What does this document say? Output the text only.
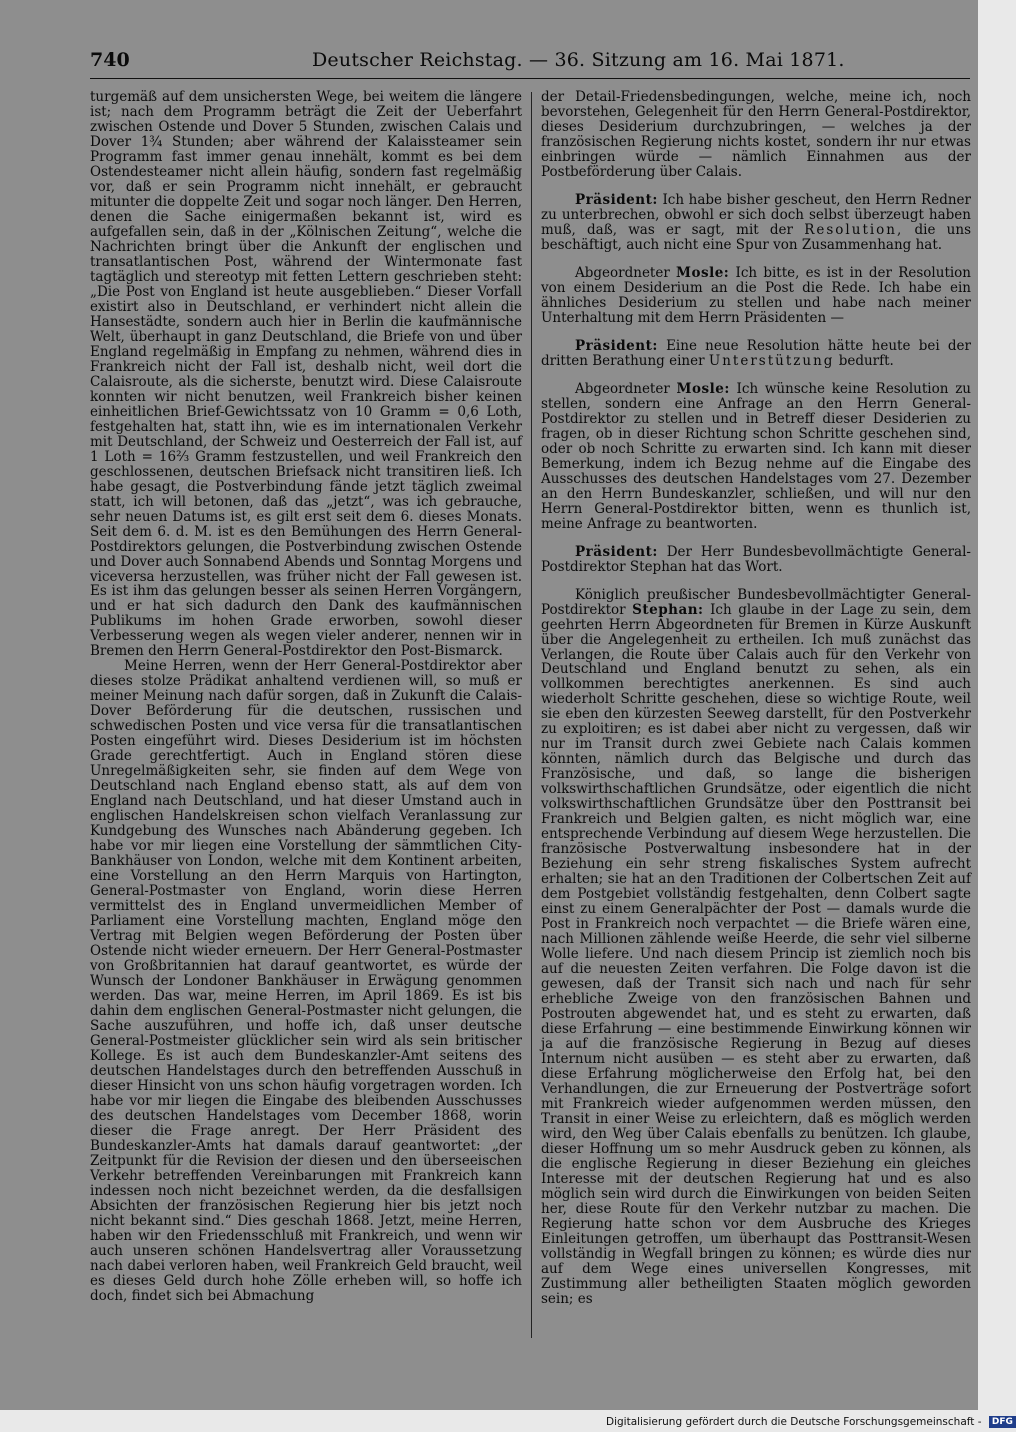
740	Deutscher Reichstag. — 36. Sitzung am 16. Mai 1871.

turgemäß auf dem unsichersten Wege, bei weitem die längere ist; nach dem Programm beträgt die Zeit der Ueberfahrt zwischen Ostende und Dover 5 Stunden, zwischen Calais und Dover 1¾ Stunden; aber während der Kalaissteamer sein Programm fast immer genau innehält, kommt es bei dem Ostendesteamer nicht allein häufig, sondern fast regelmäßig vor, daß er sein Programm nicht innehält, er gebraucht mitunter die doppelte Zeit und sogar noch länger. Den Herren, denen die Sache einigermaßen bekannt ist, wird es aufgefallen sein, daß in der „Kölnischen Zeitung“, welche die Nachrichten bringt über die Ankunft der englischen und transatlantischen Post, während der Wintermonate fast tagtäglich und stereotyp mit fetten Lettern geschrieben steht: „Die Post von England ist heute ausgeblieben.“ Dieser Vorfall existirt also in Deutschland, er verhindert nicht allein die Hansestädte, sondern auch hier in Berlin die kaufmännische Welt, überhaupt in ganz Deutschland, die Briefe von und über England regelmäßig in Empfang zu nehmen, während dies in Frankreich nicht der Fall ist, deshalb nicht, weil dort die Calaisroute, als die sicherste, benutzt wird. Diese Calaisroute konnten wir nicht benutzen, weil Frankreich bisher keinen einheitlichen Brief-Gewichtssatz von 10 Gramm = 0,6 Loth, festgehalten hat, statt ihn, wie es im internationalen Verkehr mit Deutschland, der Schweiz und Oesterreich der Fall ist, auf 1 Loth = 16⅔ Gramm festzustellen, und weil Frankreich den geschlossenen, deutschen Briefsack nicht transitiren ließ. Ich habe gesagt, die Postverbindung fände jetzt täglich zweimal statt, ich will betonen, daß das „jetzt“, was ich gebrauche, sehr neuen Datums ist, es gilt erst seit dem 6. dieses Monats. Seit dem 6. d. M. ist es den Bemühungen des Herrn General-Postdirektors gelungen, die Postverbindung zwischen Ostende und Dover auch Sonnabend Abends und Sonntag Morgens und viceversa herzustellen, was früher nicht der Fall gewesen ist. Es ist ihm das gelungen besser als seinen Herren Vorgängern, und er hat sich dadurch den Dank des kaufmännischen Publikums im hohen Grade erworben, sowohl dieser Verbesserung wegen als wegen vieler anderer, nennen wir in Bremen den Herrn General-Postdirektor den Post-Bismarck.

Meine Herren, wenn der Herr General-Postdirektor aber dieses stolze Prädikat anhaltend verdienen will, so muß er meiner Meinung nach dafür sorgen, daß in Zukunft die Calais-Dover Beförderung für die deutschen, russischen und schwedischen Posten und vice versa für die transatlantischen Posten eingeführt wird. Dieses Desiderium ist im höchsten Grade gerechtfertigt. Auch in England stören diese Unregelmäßigkeiten sehr, sie finden auf dem Wege von Deutschland nach England ebenso statt, als auf dem von England nach Deutschland, und hat dieser Umstand auch in englischen Handelskreisen schon vielfach Veranlassung zur Kundgebung des Wunsches nach Abänderung gegeben. Ich habe vor mir liegen eine Vorstellung der sämmtlichen City-Bankhäuser von London, welche mit dem Kontinent arbeiten, eine Vorstellung an den Herrn Marquis von Hartington, General-Postmaster von England, worin diese Herren vermittelst des in England unvermeidlichen Member of Parliament eine Vorstellung machten, England möge den Vertrag mit Belgien wegen Beförderung der Posten über Ostende nicht wieder erneuern. Der Herr General-Postmaster von Großbritannien hat darauf geantwortet, es würde der Wunsch der Londoner Bankhäuser in Erwägung genommen werden. Das war, meine Herren, im April 1869. Es ist bis dahin dem englischen General-Postmaster nicht gelungen, die Sache auszuführen, und hoffe ich, daß unser deutsche General-Postmeister glücklicher sein wird als sein britischer Kollege. Es ist auch dem Bundeskanzler-Amt seitens des deutschen Handelstages durch den betreffenden Ausschuß in dieser Hinsicht von uns schon häufig vorgetragen worden. Ich habe vor mir liegen die Eingabe des bleibenden Ausschusses des deutschen Handelstages vom December 1868, worin dieser die Frage anregt. Der Herr Präsident des Bundeskanzler-Amts hat damals darauf geantwortet: „der Zeitpunkt für die Revision der diesen und den überseeischen Verkehr betreffenden Vereinbarungen mit Frankreich kann indessen noch nicht bezeichnet werden, da die desfallsigen Absichten der französischen Regierung hier bis jetzt noch nicht bekannt sind.“ Dies geschah 1868. Jetzt, meine Herren, haben wir den Friedensschluß mit Frankreich, und wenn wir auch unseren schönen Handelsvertrag aller Voraussetzung nach dabei verloren haben, weil Frankreich Geld braucht, weil es dieses Geld durch hohe Zölle erheben will, so hoffe ich doch, findet sich bei Abmachung

der Detail-Friedensbedingungen, welche, meine ich, noch bevorstehen, Gelegenheit für den Herrn General-Postdirektor, dieses Desiderium durchzubringen, — welches ja der französischen Regierung nichts kostet, sondern ihr nur etwas einbringen würde — nämlich Einnahmen aus der Postbeförderung über Calais.

Präsident: Ich habe bisher gescheut, den Herrn Redner zu unterbrechen, obwohl er sich doch selbst überzeugt haben muß, daß, was er sagt, mit der Resolution, die uns beschäftigt, auch nicht eine Spur von Zusammenhang hat.

Abgeordneter Mosle: Ich bitte, es ist in der Resolution von einem Desiderium an die Post die Rede. Ich habe ein ähnliches Desiderium zu stellen und habe nach meiner Unterhaltung mit dem Herrn Präsidenten —

Präsident: Eine neue Resolution hätte heute bei der dritten Berathung einer Unterstützung bedurft.

Abgeordneter Mosle: Ich wünsche keine Resolution zu stellen, sondern eine Anfrage an den Herrn General-Postdirektor zu stellen und in Betreff dieser Desiderien zu fragen, ob in dieser Richtung schon Schritte geschehen sind, oder ob noch Schritte zu erwarten sind. Ich kann mit dieser Bemerkung, indem ich Bezug nehme auf die Eingabe des Ausschusses des deutschen Handelstages vom 27. Dezember an den Herrn Bundeskanzler, schließen, und will nur den Herrn General-Postdirektor bitten, wenn es thunlich ist, meine Anfrage zu beantworten.

Präsident: Der Herr Bundesbevollmächtigte General-Postdirektor Stephan hat das Wort.

Königlich preußischer Bundesbevollmächtigter General-Postdirektor Stephan: Ich glaube in der Lage zu sein, dem geehrten Herrn Abgeordneten für Bremen in Kürze Auskunft über die Angelegenheit zu ertheilen. Ich muß zunächst das Verlangen, die Route über Calais auch für den Verkehr von Deutschland und England benutzt zu sehen, als ein vollkommen berechtigtes anerkennen. Es sind auch wiederholt Schritte geschehen, diese so wichtige Route, weil sie eben den kürzesten Seeweg darstellt, für den Postverkehr zu exploitiren; es ist dabei aber nicht zu vergessen, daß wir nur im Transit durch zwei Gebiete nach Calais kommen könnten, nämlich durch das Belgische und durch das Französische, und daß, so lange die bisherigen volkswirthschaftlichen Grundsätze, oder eigentlich die nicht volkswirthschaftlichen Grundsätze über den Posttransit bei Frankreich und Belgien galten, es nicht möglich war, eine entsprechende Verbindung auf diesem Wege herzustellen. Die französische Postverwaltung insbesondere hat in der Beziehung ein sehr streng fiskalisches System aufrecht erhalten; sie hat an den Traditionen der Colbertschen Zeit auf dem Postgebiet vollständig festgehalten, denn Colbert sagte einst zu einem Generalpächter der Post — damals wurde die Post in Frankreich noch verpachtet — die Briefe wären eine, nach Millionen zählende weiße Heerde, die sehr viel silberne Wolle liefere. Und nach diesem Princip ist ziemlich noch bis auf die neuesten Zeiten verfahren. Die Folge davon ist die gewesen, daß der Transit sich nach und nach für sehr erhebliche Zweige von den französischen Bahnen und Postrouten abgewendet hat, und es steht zu erwarten, daß diese Erfahrung — eine bestimmende Einwirkung können wir ja auf die französische Regierung in Bezug auf dieses Internum nicht ausüben — es steht aber zu erwarten, daß diese Erfahrung möglicherweise den Erfolg hat, bei den Verhandlungen, die zur Erneuerung der Postverträge sofort mit Frankreich wieder aufgenommen werden müssen, den Transit in einer Weise zu erleichtern, daß es möglich werden wird, den Weg über Calais ebenfalls zu benützen. Ich glaube, dieser Hoffnung um so mehr Ausdruck geben zu können, als die englische Regierung in dieser Beziehung ein gleiches Interesse mit der deutschen Regierung hat und es also möglich sein wird durch die Einwirkungen von beiden Seiten her, diese Route für den Verkehr nutzbar zu machen. Die Regierung hatte schon vor dem Ausbruche des Krieges Einleitungen getroffen, um überhaupt das Posttransit-Wesen vollständig in Wegfall bringen zu können; es würde dies nur auf dem Wege eines universellen Kongresses, mit Zustimmung aller betheiligten Staaten möglich geworden sein; es

Digitalisierung gefördert durch die Deutsche Forschungsgemeinschaft - DFG
